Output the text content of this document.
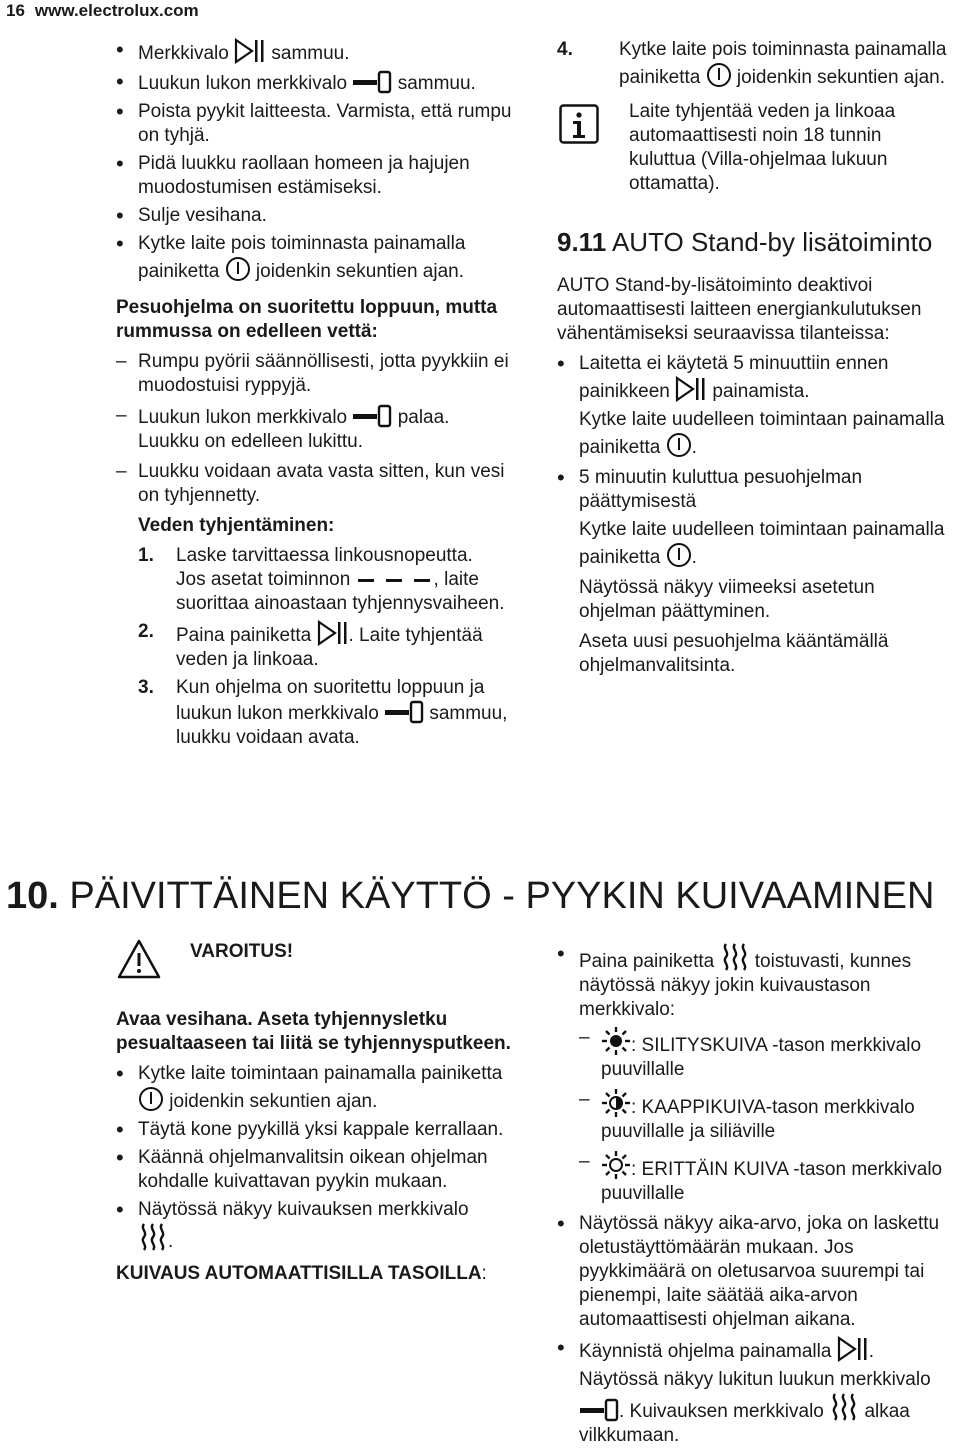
16 www.electrolux.com
• Merkkivalo sammuu.
• Luukun lukon merkkivalo	sammuu.
• Poista pyykit laitteesta. Varmista, että rumpu on tyhjä.
• Pidä luukku raollaan homeen ja hajujen muodostumisen estämiseksi.
• Sulje vesihana.
• Kytke laite pois toiminnasta painamalla painiketta joidenkin sekuntien ajan.
Pesuohjelma on suoritettu loppuun, mutta rummussa on edelleen vettä:
– Rumpu pyörii säännöllisesti, jotta pyykkiin ei muodostuisi ryppyjä.
– Luukun lukon merkkivalo	palaa.
Luukku on edelleen lukittu.
– Luukku voidaan avata vasta sitten, kun vesi on tyhjennetty.
Veden tyhjentäminen:
1. Laske tarvittaessa linkousnopeutta.
Jos asetat toiminnon	, laite suorittaa ainoastaan tyhjennysvaiheen.
2. Paina painiketta . Laite tyhjentää veden ja linkoaa.
3. Kun ohjelma on suoritettu loppuun ja luukun lukon merkkivalo	sammuu, luukku voidaan avata.
4. Kytke laite pois toiminnasta painamalla painiketta joidenkin sekuntien ajan.
Laite tyhjentää veden ja linkoaa automaattisesti noin 18 tunnin kuluttua (Villa-ohjelmaa lukuun ottamatta).
9.11 AUTO Stand-by lisätoiminto
AUTO Stand-by-lisätoiminto deaktivoi automaattisesti laitteen energiankulutuksen vähentämiseksi seuraavissa tilanteissa:
• Laitetta ei käytetä 5 minuuttiin ennen painikkeen painamista.
Kytke laite uudelleen toimintaan painamalla painiketta .
• 5 minuutin kuluttua pesuohjelman päättymisestä
Kytke laite uudelleen toimintaan painamalla painiketta .
Näytössä näkyy viimeeksi asetetun ohjelman päättyminen.
Aseta uusi pesuohjelma kääntämällä ohjelmanvalitsinta.
10. PÄIVITTÄINEN KÄYTTÖ - PYYKIN KUIVAAMINEN
VAROITUS!
Avaa vesihana. Aseta tyhjennysletku pesualtaaseen tai liitä se tyhjennysputkeen.
• Kytke laite toimintaan painamalla painiketta  joidenkin sekuntien ajan.
• Täytä kone pyykillä yksi kappale kerrallaan.
• Käännä ohjelmanvalitsin oikean ohjelman kohdalle kuivattavan pyykin mukaan.
• Näytössä näkyy kuivauksen merkkivalo
.
KUIVAUS AUTOMAATTISILLA TASOILLA:
• Paina painiketta toistuvasti, kunnes näytössä näkyy jokin kuivaustason merkkivalo:
– : SILITYSKUIVA -tason merkkivalo puuvillalle
– : KAAPPIKUIVA-tason merkkivalo puuvillalle ja siliäville
– : ERITTÄIN KUIVA -tason merkkivalo puuvillalle
• Näytössä näkyy aika-arvo, joka on laskettu oletustäyttömäärän mukaan. Jos pyykkimäärä on oletusarvoa suurempi tai pienempi, laite säätää aika-arvon automaattisesti ohjelman aikana.
• Käynnistä ohjelma painamalla .
Näytössä näkyy lukitun luukun merkkivalo . Kuivauksen merkkivalo alkaa vilkkumaan.
